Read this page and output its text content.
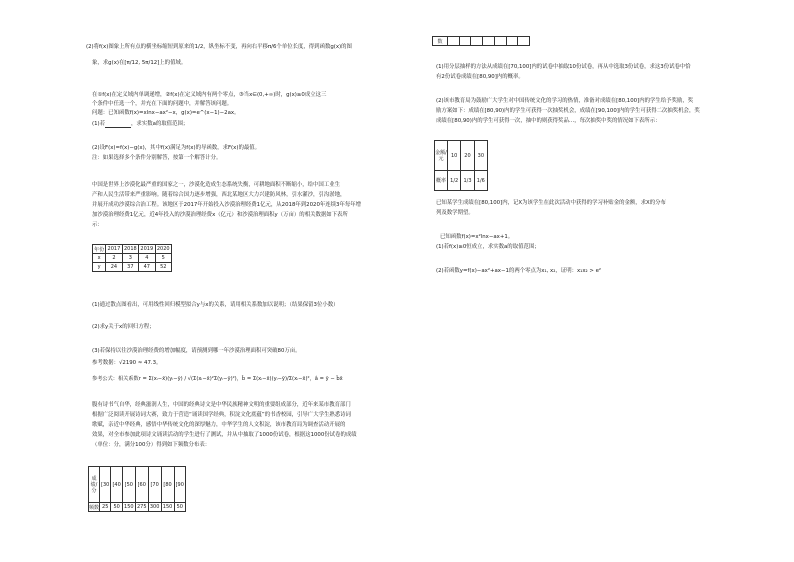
(2)将f(x)图象上所有点的横坐标缩短到原来的1/2，纵坐标不变，再向右平移π/6个单位长度，得到函数g(x)的图
象，求g(x)在[π/12, 5π/12]上的值域。
在①f(x)在定义域内单调递增，②f(x)在定义域内有两个零点，③当x∈(0,+∞)时，g(x)≥0成立这三
个条件中任选一个，并充在下面的问题中，并解答该问题。
问题：已知函数f(x)=xlnx−ax²−x，g(x)=e^(x−1)−2ax。
(1)若	，求实数a的取值范围；
(2)设F(x)=f(x)−g(x)，其中f(x)满足为f(x)的导函数，求F(x)的最值。
注：如果选择多个条件分别解答，按第一个解答计分。
中国是世界上沙漠化最严重的国家之一，沙漠化造成生态系统失衡，可耕地面积不断缩小，给中国工业生
产和人民生活带来严重影响。随着综合国力逐步增强，西北某地区大力兴建防风林，引水灌沙，引沟淤地，
并展开成功沙漠综合治工程。该地区于2017年开始投入沙漠治理经费1亿元，从2018年到2020年连续3年每年增
加沙漠治理经费1亿元，近4年投入的沙漠治理经费x（亿元）和沙漠治理面积y（万亩）的相关数据如下表所
示：
年份	2017	2018	2019	2020
x	2	3	4	5
y	24	37	47	52
(1)通过散点图看出，可用线性回归模型拟合y与x的关系，请用相关系数加以说明；（结果保留3位小数）
(2)求y关于x的回归方程；
(3)若保持以往沙漠治理经费的增加幅度，请预测到哪一年沙漠治理面积可突破80万亩。
参考数据：√2190 ≈ 47.3。
参考公式：相关系数r = Σ(xᵢ−x̄)(yᵢ−ȳ) / √(Σ(xᵢ−x̄)²Σ(yᵢ−ȳ)²)，b̂ = Σ(xᵢ−x̄)(yᵢ−ȳ)/Σ(xᵢ−x̄)²，â = ȳ − b̂x̄
腹有诗书气自华，经典滋润人生，中国的经典诗文是中华民族精神文明的重要组成部分，近年来某市教育部门
根据广泛阅读开展诗词大赛，致力于营造“诵读国学经典，积淀文化底蕴”的书香校园，引导广大学生熟悉诗词
歌赋，亲近中华经典，感悟中华传统文化的深厚魅力，中华学生的人文积淀，该市教育局为调查活动开展的
效果，对全市参加此项诗文诵读活动的学生进行了测试，并从中抽取了1000份试卷，根据这1000份试卷的成绩
（单位：分，满分100分）得到如下频数分布表：
成绩/分	[30	[40	[50	[60	[70	[80	[90
频数	25	50	150	275	300	150	50
数							
(1)用分层抽样的方法从成绩在[70,100]内的试卷中抽取10份试卷，再从中选取3份试卷，求这3份试卷中恰
有2份试卷成绩在[80,90]内的概率。
(2)该市教育局为鼓励广大学生对中国传统文化的学习的热情，准备对成绩在[80,100]内的学生给予奖励，奖
励方案如下：成绩在[80,90)内的学生可获得一次抽奖机会，成绩在[90,100]内的学生可获得二次抽奖机会，奖
成绩在[80,90)内的学生可获得一次，抽中的则获得奖品…，每次抽奖中奖的情况如下表所示：
金额/元	10	20	30
概率	1/2	1/3	1/6
已知某学生成绩在[80,100]内，记X为该学生在此次活动中获得的学习补贴金的金额，求X的分布
列及数学期望。
已知函数f(x)=x²lnx−ax+1。
(1)若f(x)≥0恒成立，求实数a的取值范围；
(2)若函数y=f(x)−ax²+ax−1的两个零点为x₁, x₂，证明：x₁x₂ > e²
